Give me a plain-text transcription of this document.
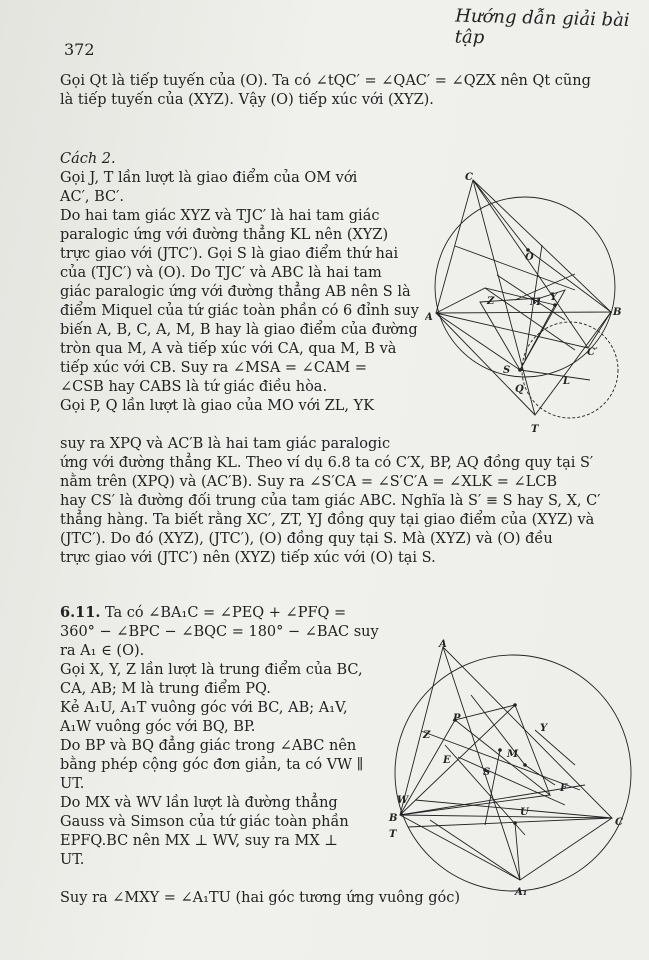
Hướng dẫn giải bài tập
372

Gọi Qt là tiếp tuyến của (O). Ta có ∠tQC′ = ∠QAC′ = ∠QZX nên Qt cũng

là tiếp tuyến của (XYZ). Vậy (O) tiếp xúc với (XYZ).

Cách 2.

Gọi J, T lần lượt là giao điểm của OM với

AC′, BC′.

Do hai tam giác XYZ và TJC′ là hai tam giác

paralogic ứng với đường thẳng KL nên (XYZ)

trực giao với (JTC′). Gọi S là giao điểm thứ hai

của (TJC′) và (O). Do TJC′ và ABC là hai tam

giác paralogic ứng với đường thẳng AB nên S là

điểm Miquel của tứ giác toàn phần có 6 đỉnh suy

biến A, B, C, A, M, B hay là giao điểm của đường

tròn qua M, A và tiếp xúc với CA, qua M, B và

tiếp xúc với CB. Suy ra ∠MSA = ∠CAM =

∠CSB hay CABS là tứ giác điều hòa.

Gọi P, Q lần lượt là giao của MO với ZL, YK

suy ra XPQ và AC′B là hai tam giác paralogic

ứng với đường thẳng KL. Theo ví dụ 6.8 ta có C′X, BP, AQ đồng quy tại S′

nằm trên (XPQ) và (AC′B). Suy ra ∠S′CA = ∠S′C′A = ∠XLK = ∠LCB

hay CS′ là đường đối trung của tam giác ABC. Nghĩa là S′ ≡ S hay S, X, C′

thẳng hàng. Ta biết rằng XC′, ZT, YJ đồng quy tại giao điểm của (XYZ) và

(JTC′). Do đó (XYZ), (JTC′), (O) đồng quy tại S. Mà (XYZ) và (O) đều

trực giao với (JTC′) nên (XYZ) tiếp xúc với (O) tại S.

6.11. Ta có ∠BA₁C = ∠PEQ + ∠PFQ =

360° − ∠BPC − ∠BQC = 180° − ∠BAC suy

ra A₁ ∈ (O).

Gọi X, Y, Z lần lượt là trung điểm của BC,

CA, AB; M là trung điểm PQ.

Kẻ A₁U, A₁T vuông góc với BC, AB; A₁V,

A₁W vuông góc với BQ, BP.

Do BP và BQ đẳng giác trong ∠ABC nên

bằng phép cộng góc đơn giản, ta có VW ∥

UT.

Do MX và WV lần lượt là đường thẳng

Gauss và Simson của tứ giác toàn phần

EPFQ.BC nên MX ⊥ WV, suy ra MX ⊥

UT.

Suy ra ∠MXY = ∠A₁TU (hai góc tương ứng vuông góc)

C
O
A	B
Z	M Y
C′
S
Q
L
T
A
P
Y
Z
M
E
S
F
W
B
T
U
C
A₁
